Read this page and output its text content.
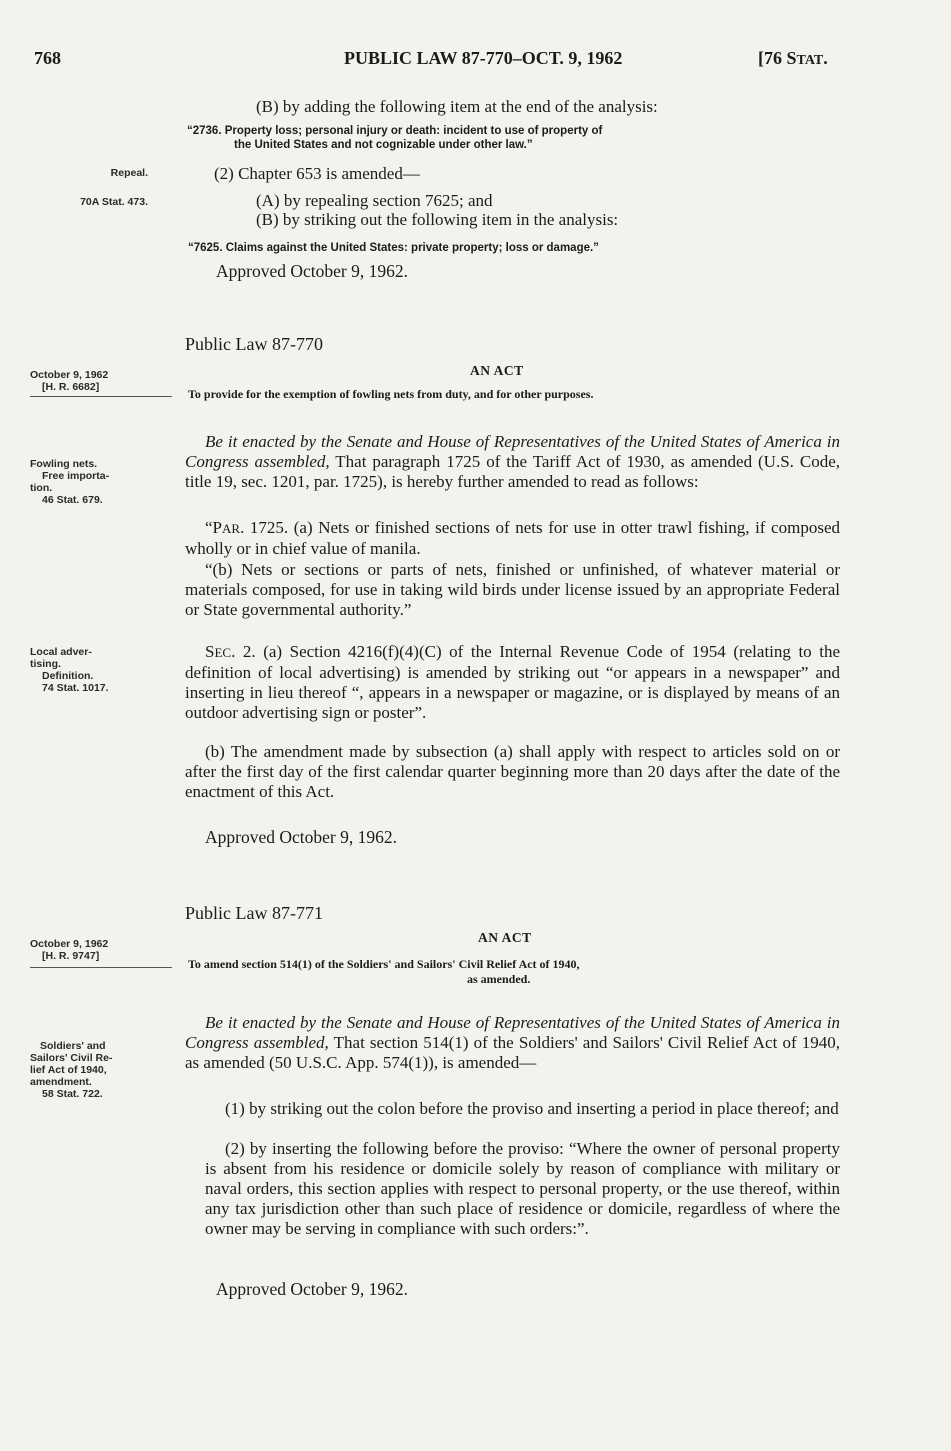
768	PUBLIC LAW 87-770–OCT. 9, 1962	[76 STAT.
(B) by adding the following item at the end of the analysis:
“2736. Property loss; personal injury or death: incident to use of property of
the United States and not cognizable under other law.”
Repeal.	(2) Chapter 653 is amended—
70A Stat. 473.	(A) by repealing section 7625; and
(B) by striking out the following item in the analysis:
“7625. Claims against the United States: private property; loss or damage.”
Approved October 9, 1962.
Public Law 87-770
October 9, 1962
[H. R. 6682]
AN ACT
To provide for the exemption of fowling nets from duty, and for other purposes.
Be it enacted by the Senate and House of Representatives of the United States of America in Congress assembled, That paragraph 1725 of the Tariff Act of 1930, as amended (U.S. Code, title 19, sec. 1201, par. 1725), is hereby further amended to read as follows:
Fowling nets.
Free importa-
tion.
46 Stat. 679.
“PAR. 1725. (a) Nets or finished sections of nets for use in otter trawl fishing, if composed wholly or in chief value of manila.
“(b) Nets or sections or parts of nets, finished or unfinished, of whatever material or materials composed, for use in taking wild birds under license issued by an appropriate Federal or State governmental authority.”
Local adver-
tising.
Definition.
74 Stat. 1017.
SEC. 2. (a) Section 4216(f)(4)(C) of the Internal Revenue Code of 1954 (relating to the definition of local advertising) is amended by striking out “or appears in a newspaper” and inserting in lieu thereof “, appears in a newspaper or magazine, or is displayed by means of an outdoor advertising sign or poster”.
(b) The amendment made by subsection (a) shall apply with respect to articles sold on or after the first day of the first calendar quarter beginning more than 20 days after the date of the enactment of this Act.
Approved October 9, 1962.
Public Law 87-771
October 9, 1962
[H. R. 9747]
AN ACT
To amend section 514(1) of the Soldiers' and Sailors' Civil Relief Act of 1940,
as amended.
Be it enacted by the Senate and House of Representatives of the United States of America in Congress assembled, That section 514(1) of the Soldiers' and Sailors' Civil Relief Act of 1940, as amended (50 U.S.C. App. 574(1)), is amended—
Soldiers' and
Sailors' Civil Re-
lief Act of 1940,
amendment.
58 Stat. 722.
(1) by striking out the colon before the proviso and inserting a period in place thereof; and
(2) by inserting the following before the proviso: “Where the owner of personal property is absent from his residence or domicile solely by reason of compliance with military or naval orders, this section applies with respect to personal property, or the use thereof, within any tax jurisdiction other than such place of residence or domicile, regardless of where the owner may be serving in compliance with such orders:”.
Approved October 9, 1962.
